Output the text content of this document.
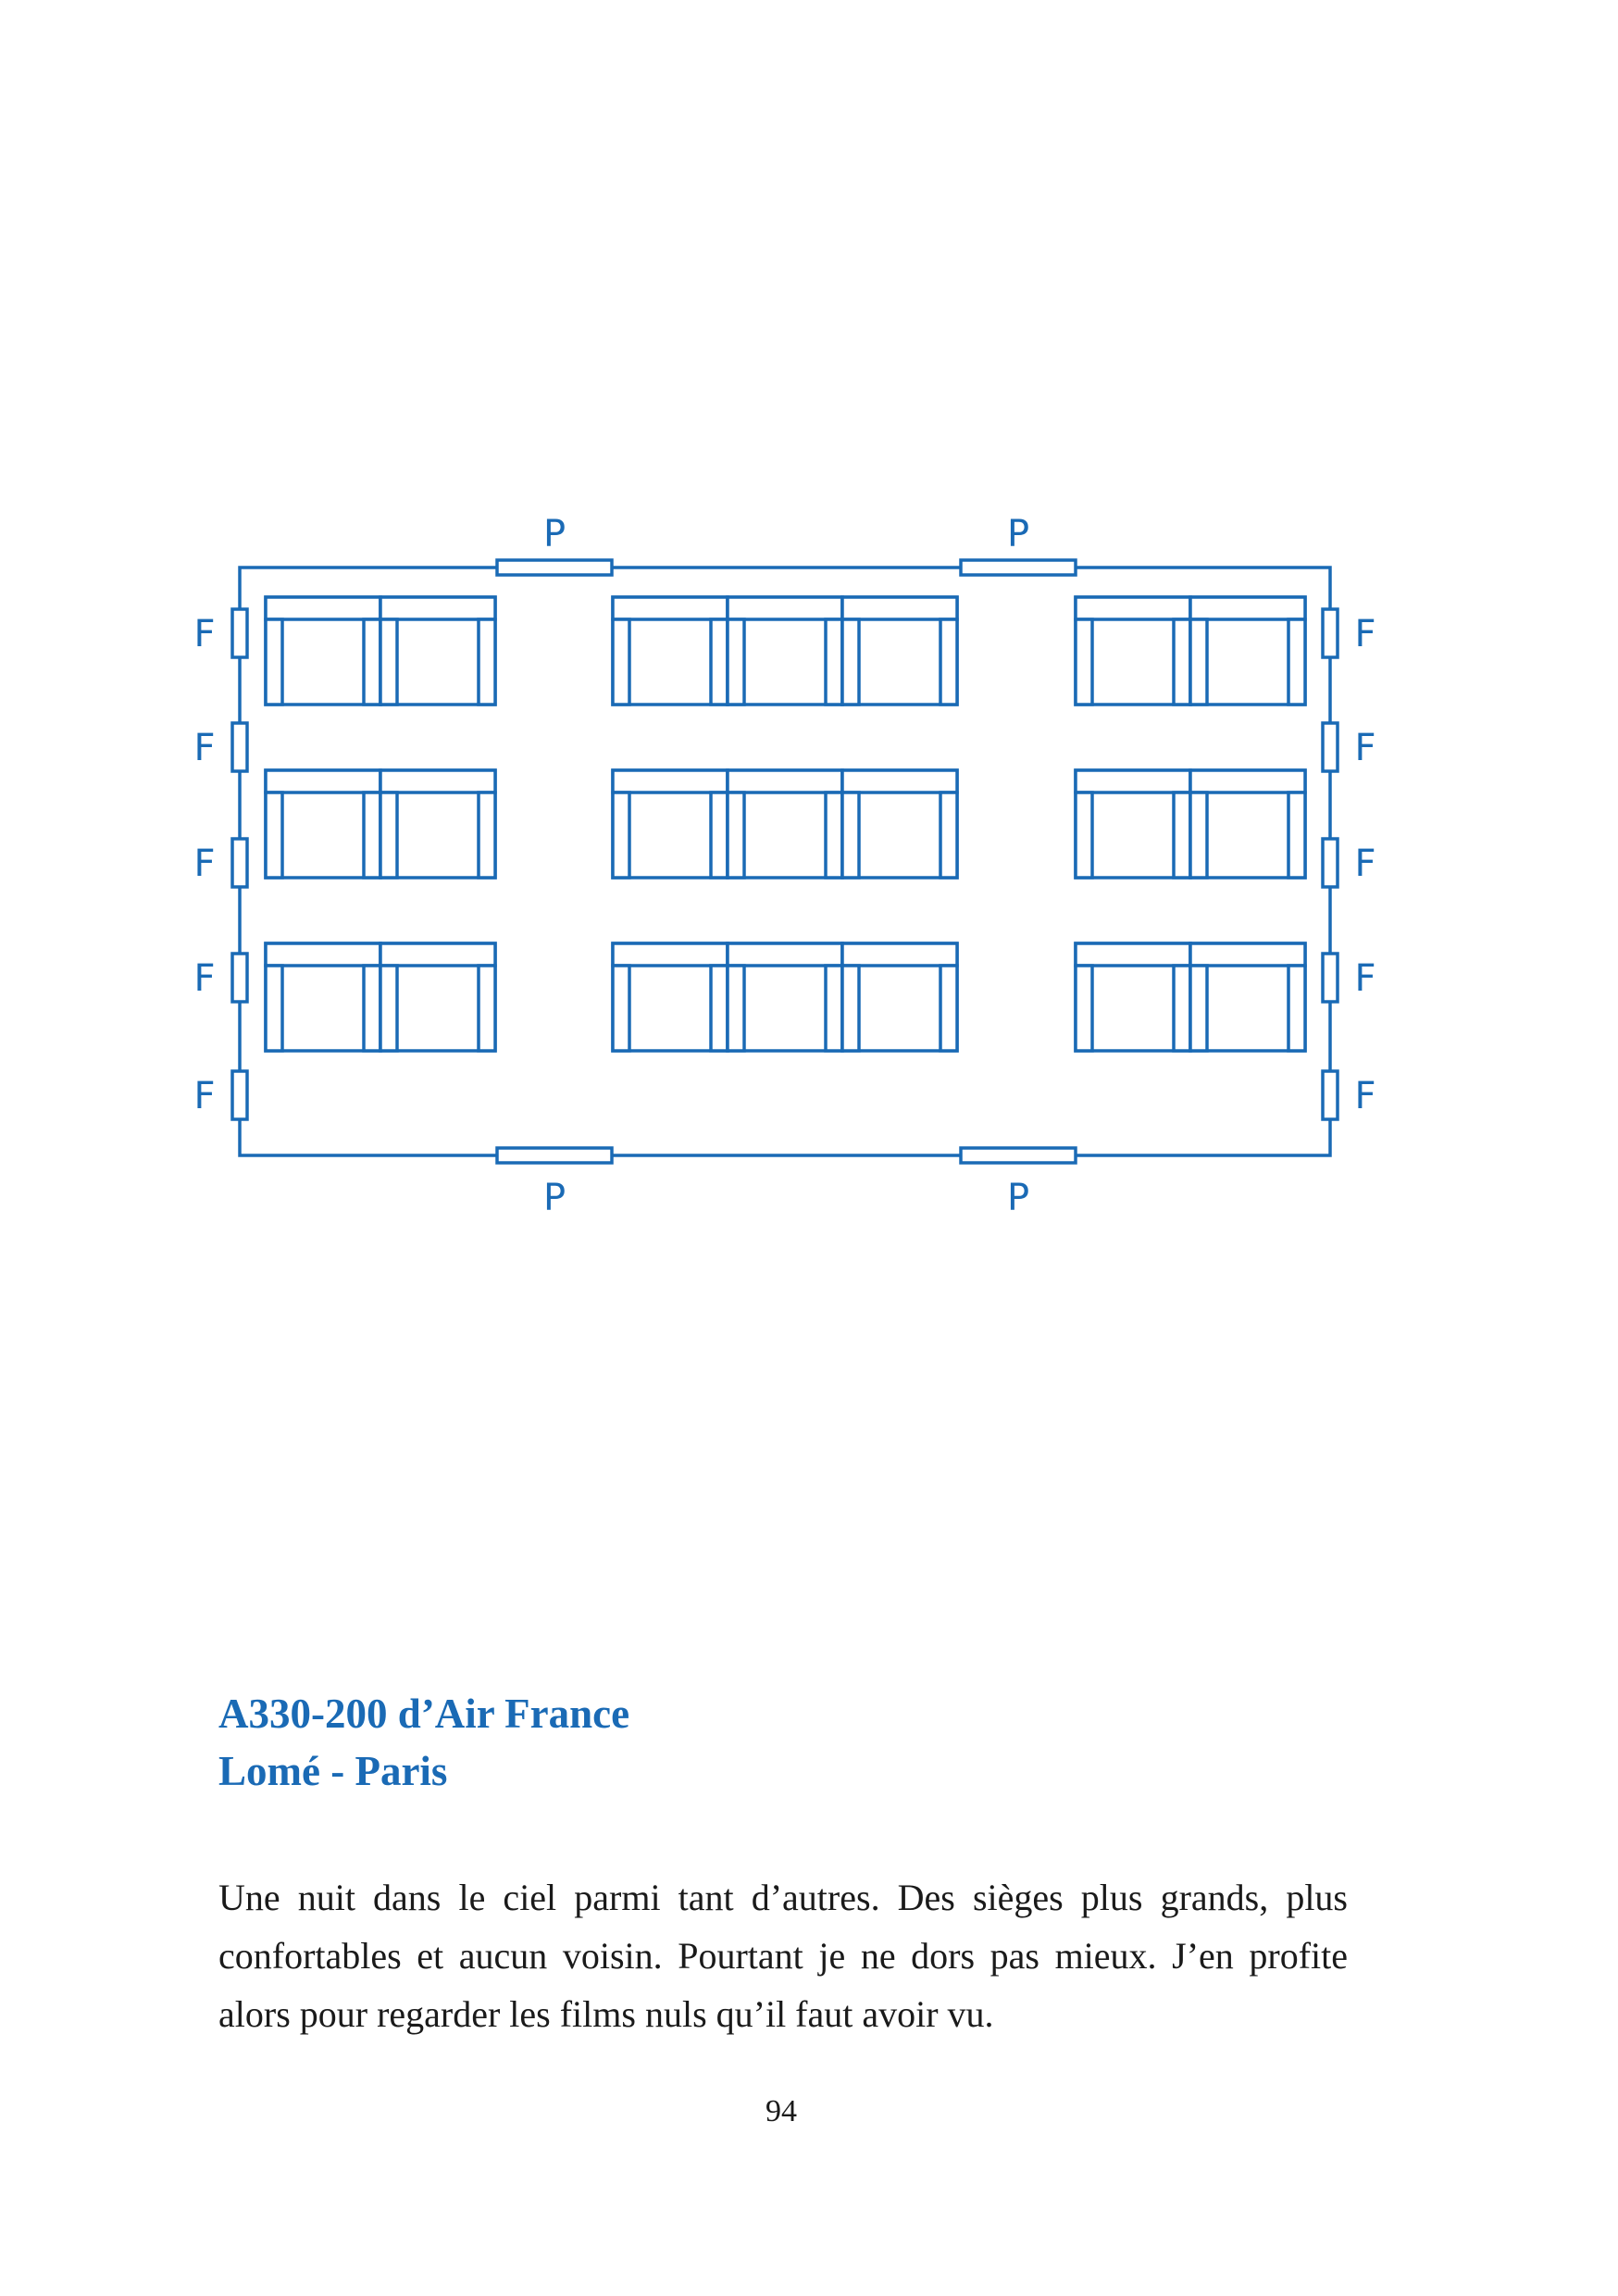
P
P
P
P
F	F
F	F
F	F
F	F
F	F
A330-200 d’Air France
Lomé - Paris
Une nuit dans le ciel parmi tant d’autres. Des sièges plus grands, plus confortables et aucun voisin. Pourtant je ne dors pas mieux. J’en profite alors pour regarder les films nuls qu’il faut avoir vu.
94
